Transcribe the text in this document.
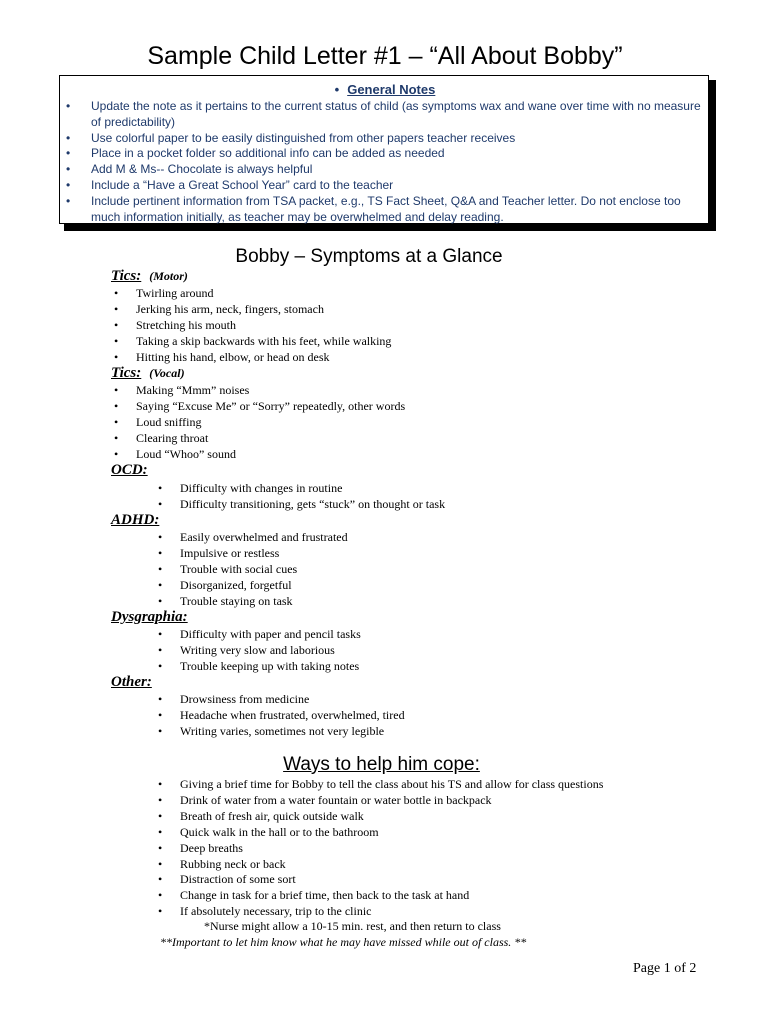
Sample Child Letter #1 – “All About Bobby”
• General Notes
• Update the note as it pertains to the current status of child (as symptoms wax and wane over time with no measure of predictability)
• Use colorful paper to be easily distinguished from other papers teacher receives
• Place in a pocket folder so additional info can be added as needed
• Add M & Ms-- Chocolate is always helpful
• Include a “Have a Great School Year” card to the teacher
• Include pertinent information from TSA packet, e.g., TS Fact Sheet, Q&A and Teacher letter. Do not enclose too much information initially, as teacher may be overwhelmed and delay reading.
Bobby – Symptoms at a Glance
Tics: (Motor)
• Twirling around
• Jerking his arm, neck, fingers, stomach
• Stretching his mouth
• Taking a skip backwards with his feet, while walking
• Hitting his hand, elbow, or head on desk
Tics: (Vocal)
• Making “Mmm” noises
• Saying “Excuse Me” or “Sorry” repeatedly, other words
• Loud sniffing
• Clearing throat
• Loud “Whoo” sound
OCD:
• Difficulty with changes in routine
• Difficulty transitioning, gets “stuck” on thought or task
ADHD:
• Easily overwhelmed and frustrated
• Impulsive or restless
• Trouble with social cues
• Disorganized, forgetful
• Trouble staying on task
Dysgraphia:
• Difficulty with paper and pencil tasks
• Writing very slow and laborious
• Trouble keeping up with taking notes
Other:
• Drowsiness from medicine
• Headache when frustrated, overwhelmed, tired
• Writing varies, sometimes not very legible
Ways to help him cope:
• Giving a brief time for Bobby to tell the class about his TS and allow for class questions
• Drink of water from a water fountain or water bottle in backpack
• Breath of fresh air, quick outside walk
• Quick walk in the hall or to the bathroom
• Deep breaths
• Rubbing neck or back
• Distraction of some sort
• Change in task for a brief time, then back to the task at hand
• If absolutely necessary, trip to the clinic
*Nurse might allow a 10-15 min. rest, and then return to class
**Important to let him know what he may have missed while out of class. **
Page 1 of 2
